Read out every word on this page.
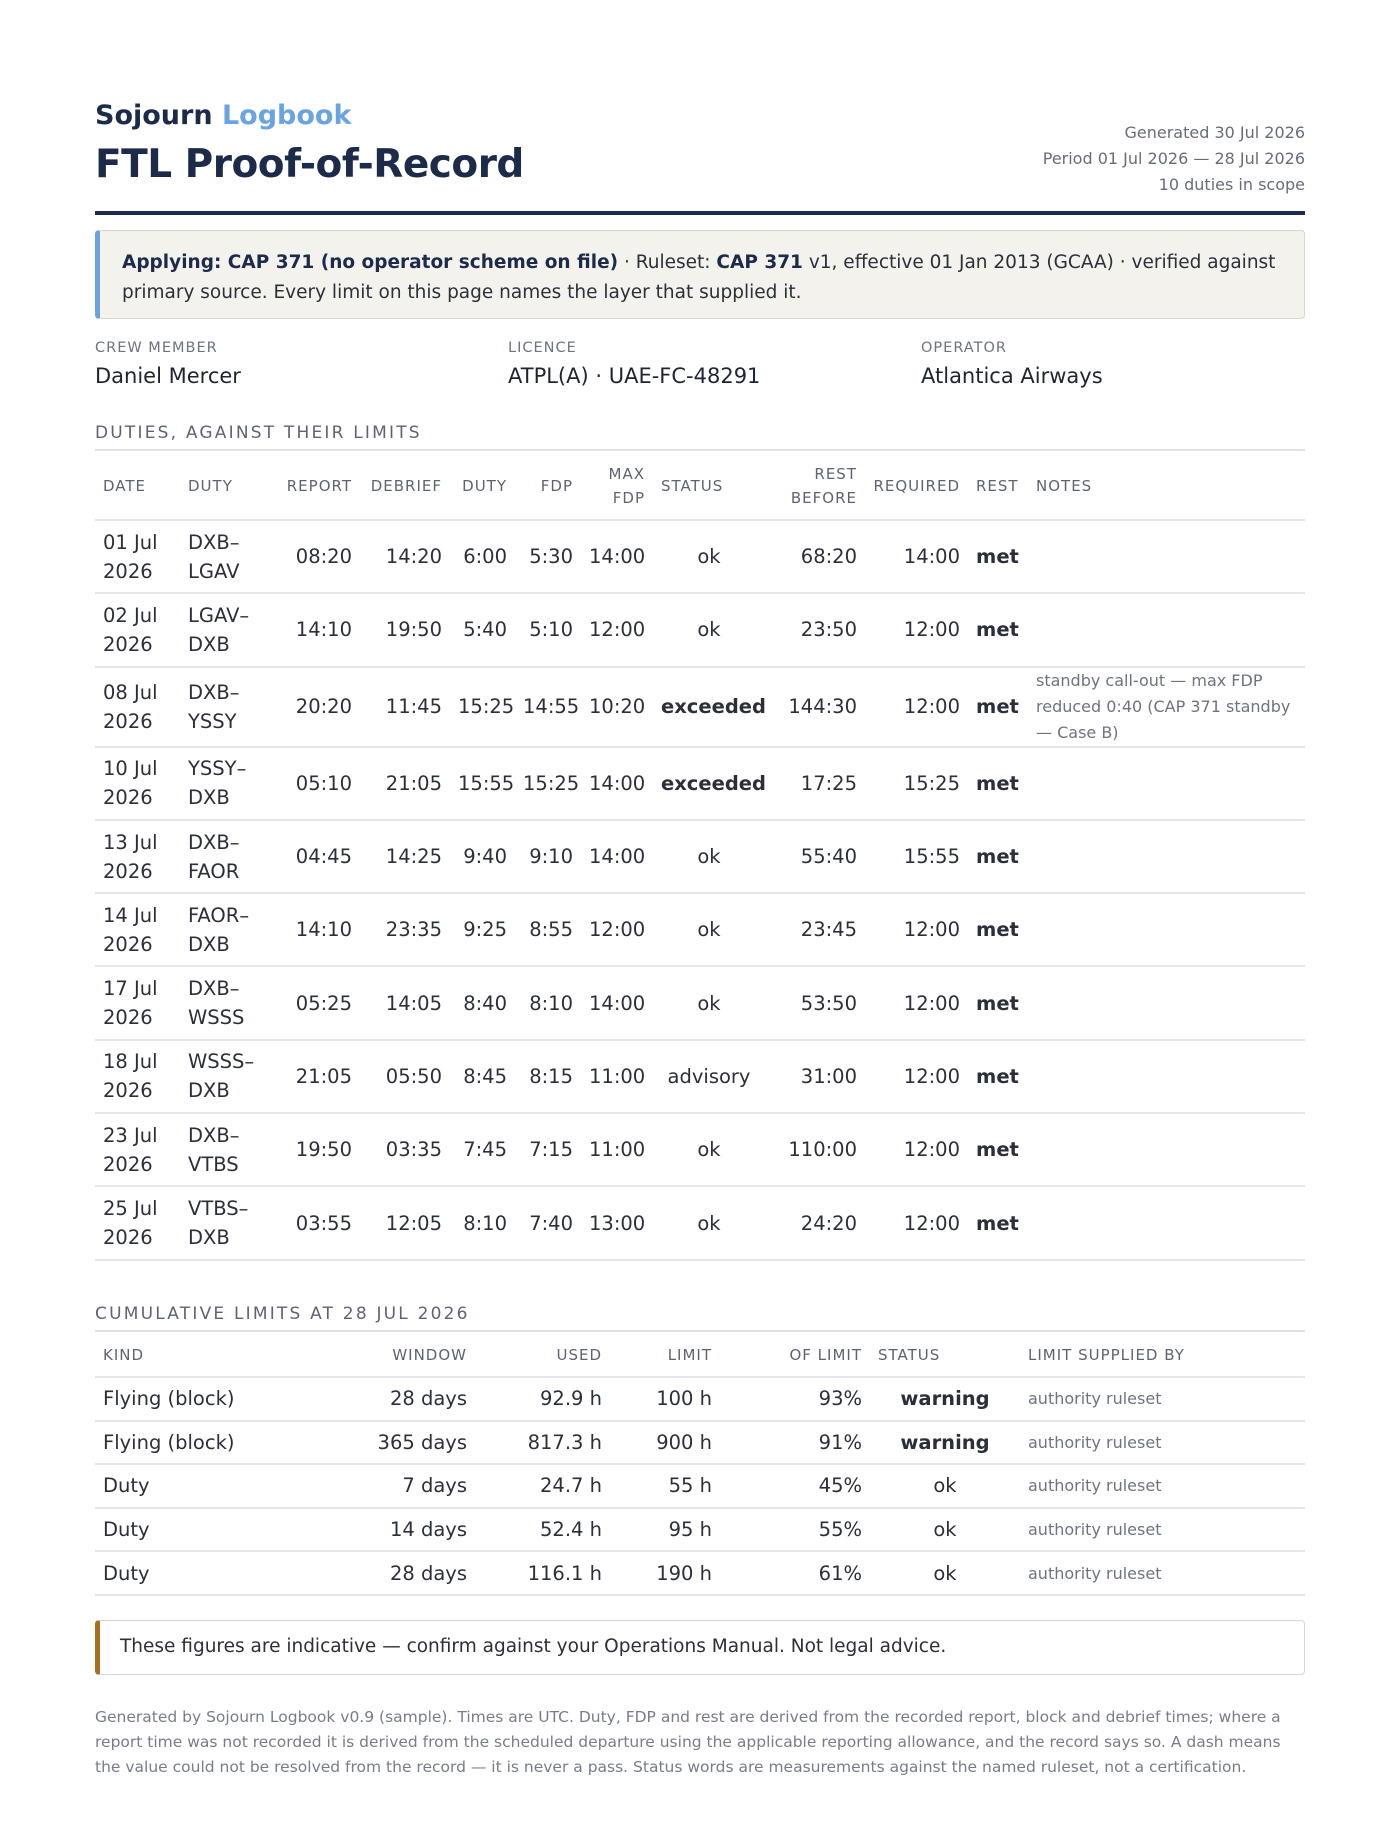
Sojourn Logbook
FTL Proof-of-Record
Generated 30 Jul 2026
Period 01 Jul 2026 — 28 Jul 2026
10 duties in scope
Applying: CAP 371 (no operator scheme on file) · Ruleset: CAP 371 v1, effective 01 Jan 2013 (GCAA) · verified against primary source. Every limit on this page names the layer that supplied it.
CREW MEMBER
Daniel Mercer
LICENCE
ATPL(A) · UAE-FC-48291
OPERATOR
Atlantica Airways
DUTIES, AGAINST THEIR LIMITS
DATE	DUTY	REPORT	DEBRIEF	DUTY	FDP	MAX FDP	STATUS	REST BEFORE	REQUIRED	REST	NOTES
01 Jul 2026	DXB–LGAV	08:20	14:20	6:00	5:30	14:00	ok	68:20	14:00	met	
02 Jul 2026	LGAV–DXB	14:10	19:50	5:40	5:10	12:00	ok	23:50	12:00	met	
08 Jul 2026	DXB–YSSY	20:20	11:45	15:25	14:55	10:20	exceeded	144:30	12:00	met	standby call-out — max FDP reduced 0:40 (CAP 371 standby — Case B)
10 Jul 2026	YSSY–DXB	05:10	21:05	15:55	15:25	14:00	exceeded	17:25	15:25	met	
13 Jul 2026	DXB–FAOR	04:45	14:25	9:40	9:10	14:00	ok	55:40	15:55	met	
14 Jul 2026	FAOR–DXB	14:10	23:35	9:25	8:55	12:00	ok	23:45	12:00	met	
17 Jul 2026	DXB–WSSS	05:25	14:05	8:40	8:10	14:00	ok	53:50	12:00	met	
18 Jul 2026	WSSS–DXB	21:05	05:50	8:45	8:15	11:00	advisory	31:00	12:00	met	
23 Jul 2026	DXB–VTBS	19:50	03:35	7:45	7:15	11:00	ok	110:00	12:00	met	
25 Jul 2026	VTBS–DXB	03:55	12:05	8:10	7:40	13:00	ok	24:20	12:00	met	
CUMULATIVE LIMITS AT 28 JUL 2026
KIND	WINDOW	USED	LIMIT	OF LIMIT	STATUS	LIMIT SUPPLIED BY
Flying (block)	28 days	92.9 h	100 h	93%	warning	authority ruleset
Flying (block)	365 days	817.3 h	900 h	91%	warning	authority ruleset
Duty	7 days	24.7 h	55 h	45%	ok	authority ruleset
Duty	14 days	52.4 h	95 h	55%	ok	authority ruleset
Duty	28 days	116.1 h	190 h	61%	ok	authority ruleset
These figures are indicative — confirm against your Operations Manual. Not legal advice.
Generated by Sojourn Logbook v0.9 (sample). Times are UTC. Duty, FDP and rest are derived from the recorded report, block and debrief times; where a report time was not recorded it is derived from the scheduled departure using the applicable reporting allowance, and the record says so. A dash means the value could not be resolved from the record — it is never a pass. Status words are measurements against the named ruleset, not a certification.
